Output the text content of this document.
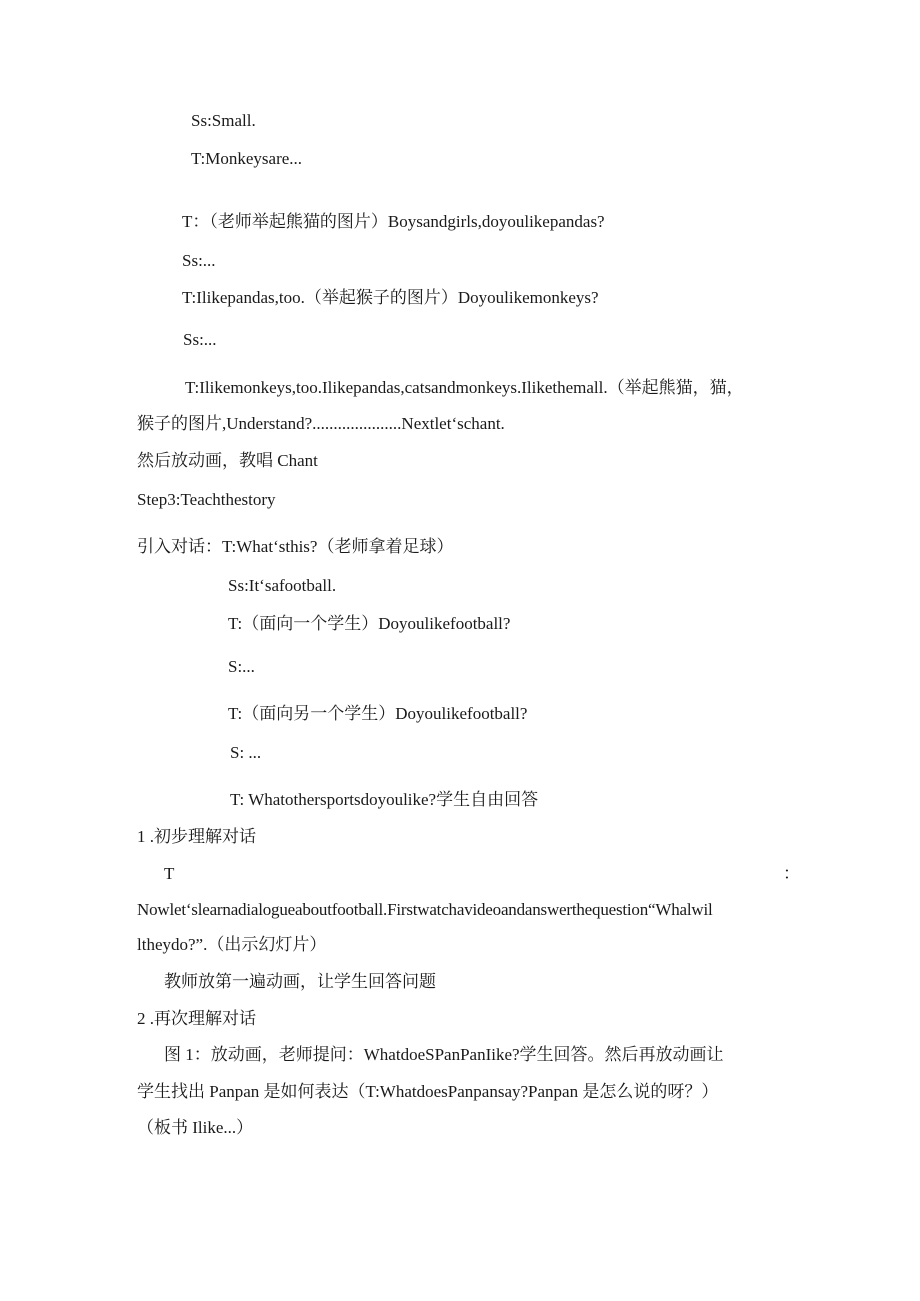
Ss:Small.
T:Monkeysare...
T：（老师举起熊猫的图片）Boysandgirls,doyoulikepandas?
Ss:...
T:Ilikepandas,too.（举起猴子的图片）Doyoulikemonkeys?
Ss:...
T:Ilikemonkeys,too.Ilikepandas,catsandmonkeys.Ilikethemall.（举起熊猫，猫，
猴子的图片,Understand?.....................Nextlet‘schant.
然后放动画，教唱 Chant
Step3:Teachthestory
引入对话：T:What‘sthis?（老师拿着足球）
Ss:It‘safootball.
T:（面向一个学生）Doyoulikefootball?
S:...
T:（面向另一个学生）Doyoulikefootball?
S: ...
T: Whatothersportsdoyoulike?学生自由回答
1 .初步理解对话
T	：
Nowlet‘slearnadialogueaboutfootball.Firstwatchavideoandanswerthequestion“Whalwil
ltheydo?”.（出示幻灯片）
教师放第一遍动画，让学生回答问题
2 .再次理解对话
图 1：放动画，老师提问：WhatdoeSPanPanIike?学生回答。然后再放动画让
学生找出 Panpan 是如何表达（T:WhatdoesPanpansay?Panpan 是怎么说的呀？）
（板书 Ilike...）
